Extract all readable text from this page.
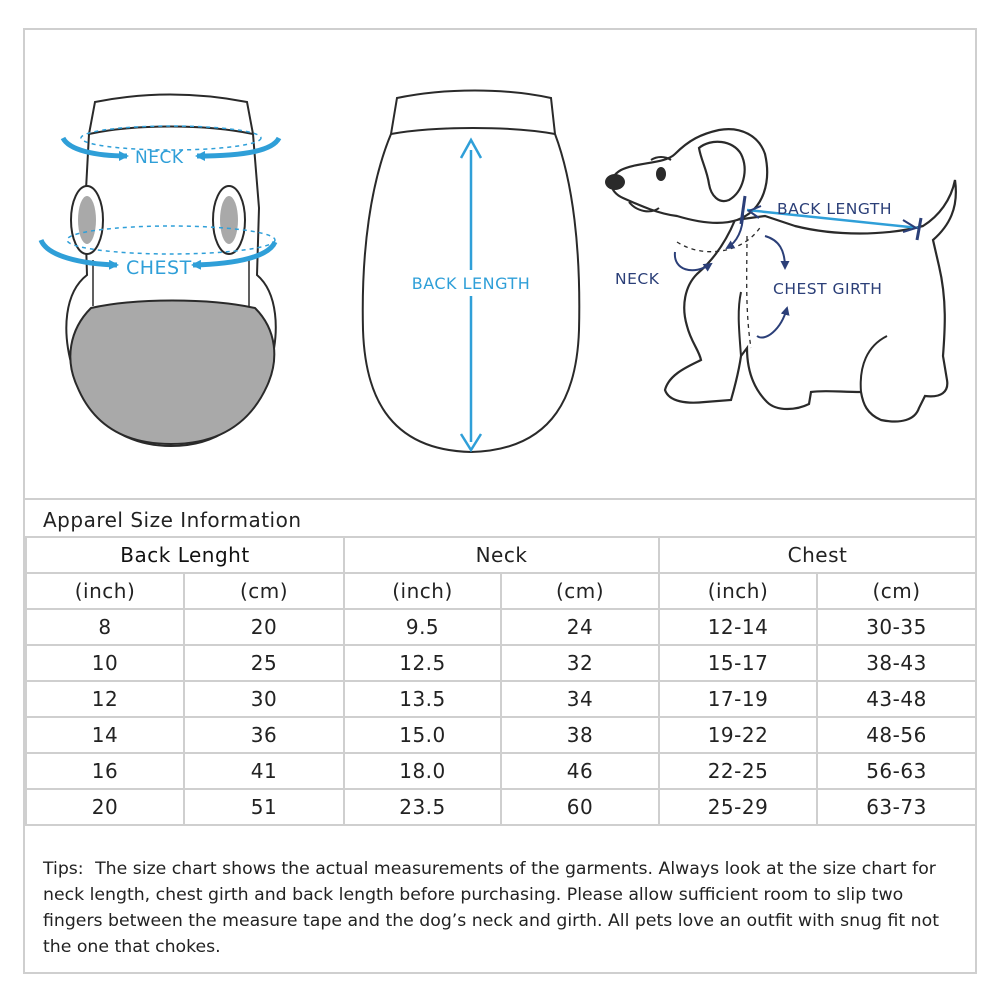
NECK
CHEST
BACK LENGTH
BACK LENGTH
NECK
CHEST GIRTH
Apparel Size Information
Back Lenght		Neck		Chest	
(inch)	(cm)	(inch)	(cm)	(inch)	(cm)
8	20	9.5	24	12-14	30-35
10	25	12.5	32	15-17	38-43
12	30	13.5	34	17-19	43-48
14	36	15.0	38	19-22	48-56
16	41	18.0	46	22-25	56-63
20	51	23.5	60	25-29	63-73
Tips: The size chart shows the actual measurements of the garments. Always look at the size chart for neck length, chest girth and back length before purchasing. Please allow sufficient room to slip two fingers between the measure tape and the dog’s neck and girth. All pets love an outfit with snug fit not the one that chokes.
